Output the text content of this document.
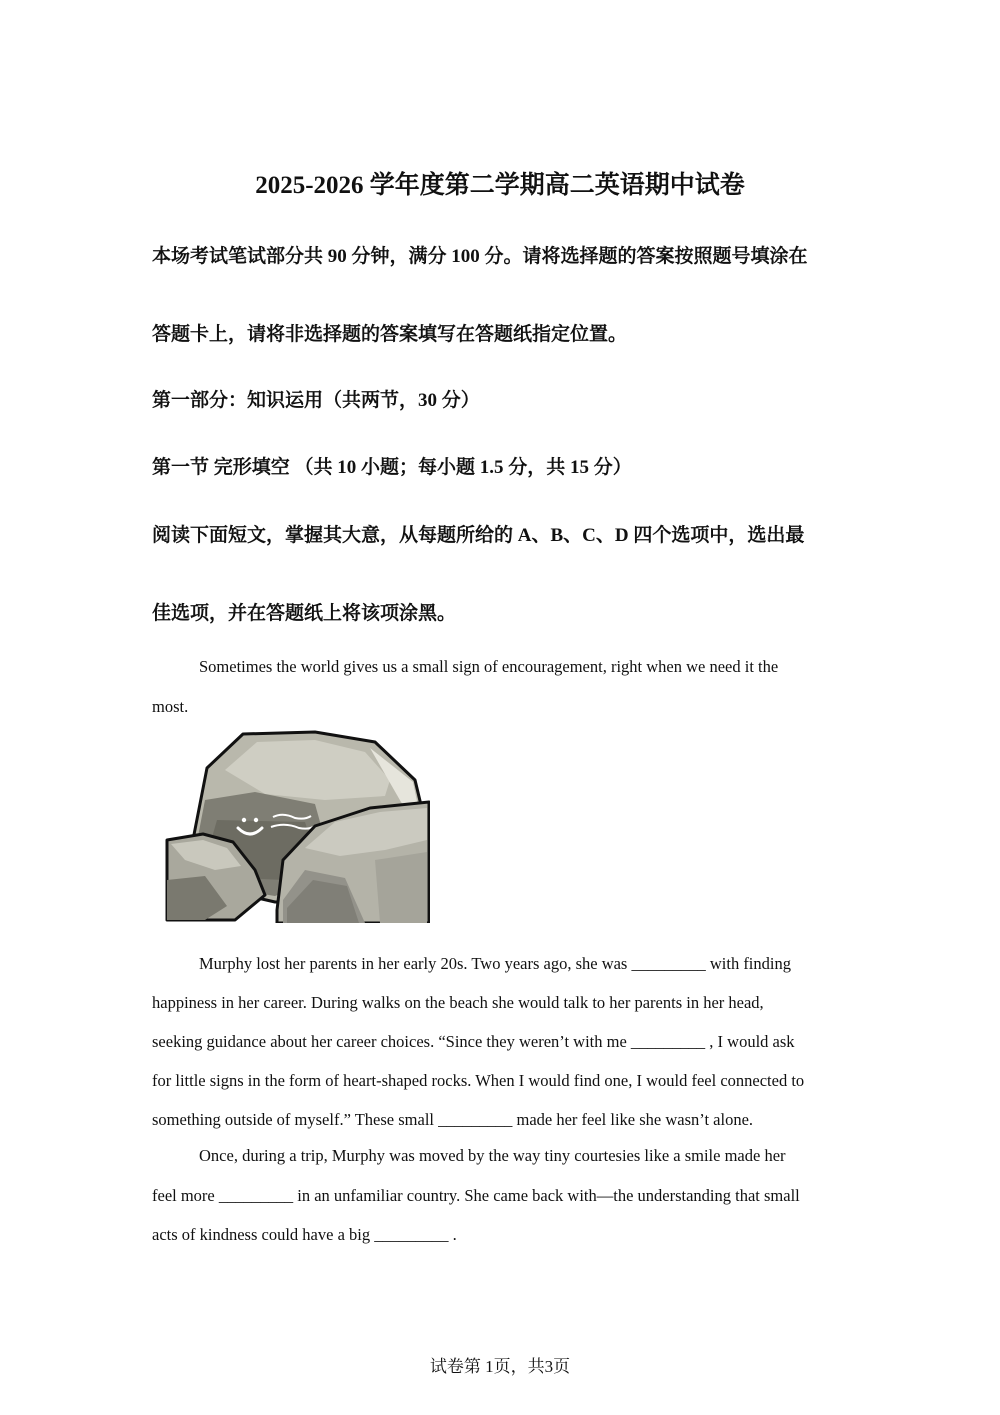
2025-2026 学年度第二学期高二英语期中试卷

本场考试笔试部分共 90 分钟，满分 100 分。请将选择题的答案按照题号填涂在

答题卡上，请将非选择题的答案填写在答题纸指定位置。

第一部分：知识运用（共两节，30 分）

第一节 完形填空 （共 10 小题；每小题 1.5 分，共 15 分）

阅读下面短文，掌握其大意，从每题所给的 A、B、C、D 四个选项中，选出最

佳选项，并在答题纸上将该项涂黑。

Sometimes the world gives us a small sign of encouragement, right when we need it the

most.

Murphy lost her parents in her early 20s. Two years ago, she was _________ with finding

happiness in her career. During walks on the beach she would talk to her parents in her head,

seeking guidance about her career choices. “Since they weren’t with me _________ , I would ask

for little signs in the form of heart-shaped rocks. When I would find one, I would feel connected to

something outside of myself.” These small _________ made her feel like she wasn’t alone.

Once, during a trip, Murphy was moved by the way tiny courtesies like a smile made her

feel more _________ in an unfamiliar country. She came back with—the understanding that small

acts of kindness could have a big _________ .

试卷第 1页，共3页
